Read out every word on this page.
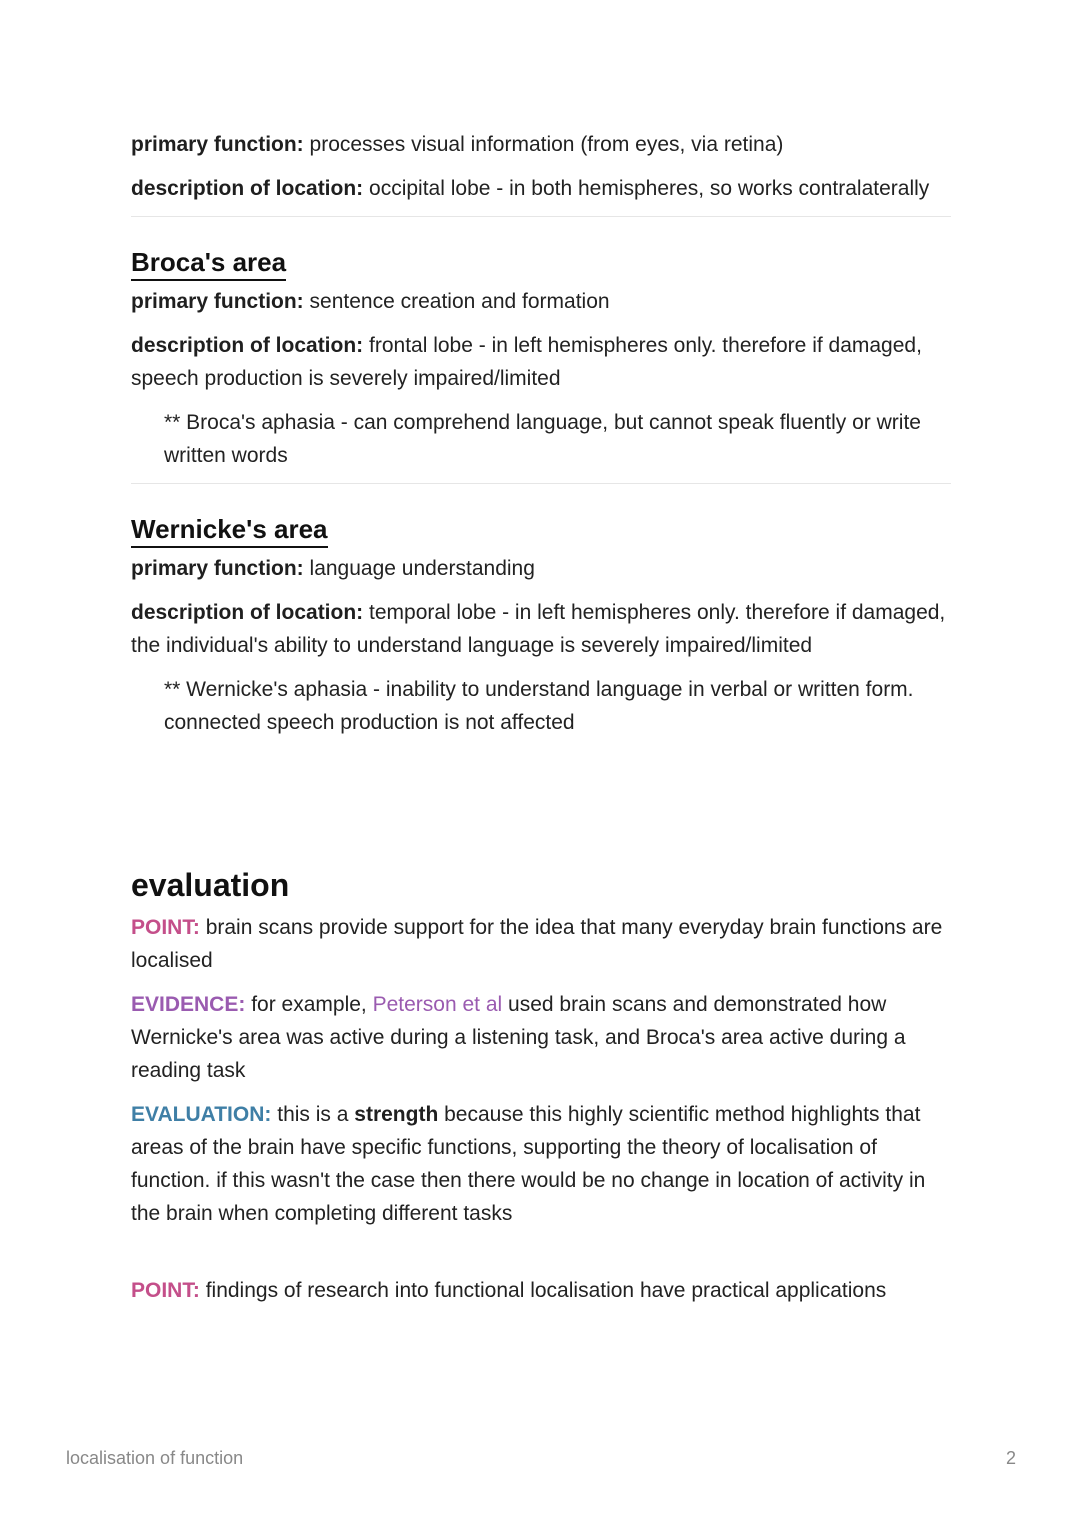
primary function: processes visual information (from eyes, via retina)

description of location: occipital lobe - in both hemispheres, so works contralaterally

Broca's area

primary function: sentence creation and formation

description of location: frontal lobe - in left hemispheres only. therefore if damaged, speech production is severely impaired/limited

** Broca's aphasia - can comprehend language, but cannot speak fluently or write written words

Wernicke's area

primary function: language understanding

description of location: temporal lobe - in left hemispheres only. therefore if damaged, the individual's ability to understand language is severely impaired/limited

** Wernicke's aphasia - inability to understand language in verbal or written form. connected speech production is not affected

evaluation

POINT: brain scans provide support for the idea that many everyday brain functions are localised

EVIDENCE: for example, Peterson et al used brain scans and demonstrated how Wernicke's area was active during a listening task, and Broca's area active during a reading task

EVALUATION: this is a strength because this highly scientific method highlights that areas of the brain have specific functions, supporting the theory of localisation of function. if this wasn't the case then there would be no change in location of activity in the brain when completing different tasks

POINT: findings of research into functional localisation have practical applications

localisation of function	2
